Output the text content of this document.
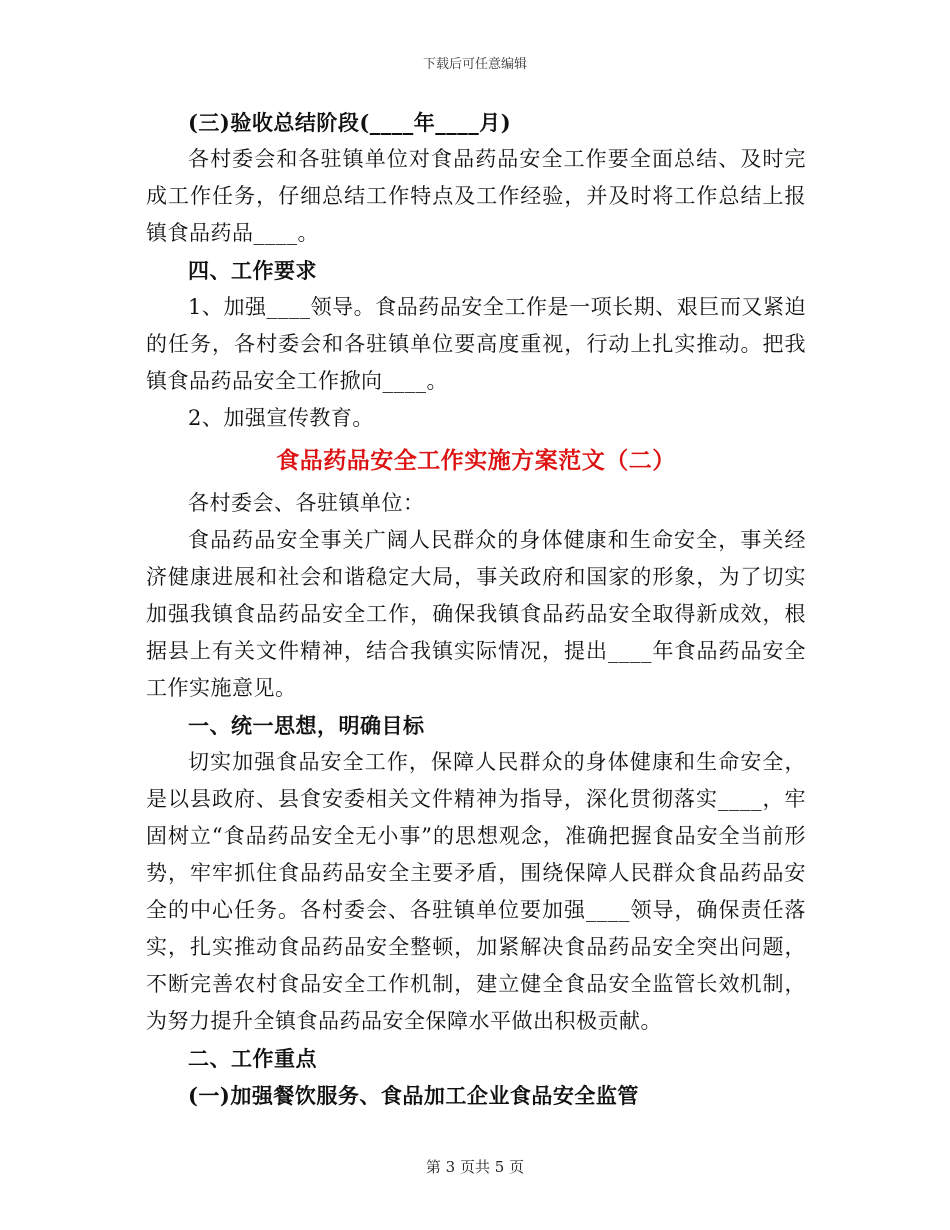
下载后可任意编辑

(三)验收总结阶段(____年____月)

各村委会和各驻镇单位对食品药品安全工作要全面总结、及时完成工作任务，仔细总结工作特点及工作经验，并及时将工作总结上报镇食品药品____。

四、工作要求

1、加强____领导。食品药品安全工作是一项长期、艰巨而又紧迫的任务，各村委会和各驻镇单位要高度重视，行动上扎实推动。把我镇食品药品安全工作掀向____。

2、加强宣传教育。

食品药品安全工作实施方案范文（二）

各村委会、各驻镇单位：

食品药品安全事关广阔人民群众的身体健康和生命安全，事关经济健康进展和社会和谐稳定大局，事关政府和国家的形象，为了切实加强我镇食品药品安全工作，确保我镇食品药品安全取得新成效，根据县上有关文件精神，结合我镇实际情况，提出____年食品药品安全工作实施意见。

一、统一思想，明确目标

切实加强食品安全工作，保障人民群众的身体健康和生命安全，是以县政府、县食安委相关文件精神为指导，深化贯彻落实____，牢固树立“食品药品安全无小事”的思想观念，准确把握食品安全当前形势，牢牢抓住食品药品安全主要矛盾，围绕保障人民群众食品药品安全的中心任务。各村委会、各驻镇单位要加强____领导，确保责任落实，扎实推动食品药品安全整顿，加紧解决食品药品安全突出问题，不断完善农村食品安全工作机制，建立健全食品安全监管长效机制，为努力提升全镇食品药品安全保障水平做出积极贡献。

二、工作重点

(一)加强餐饮服务、食品加工企业食品安全监管

第 3 页共 5 页
